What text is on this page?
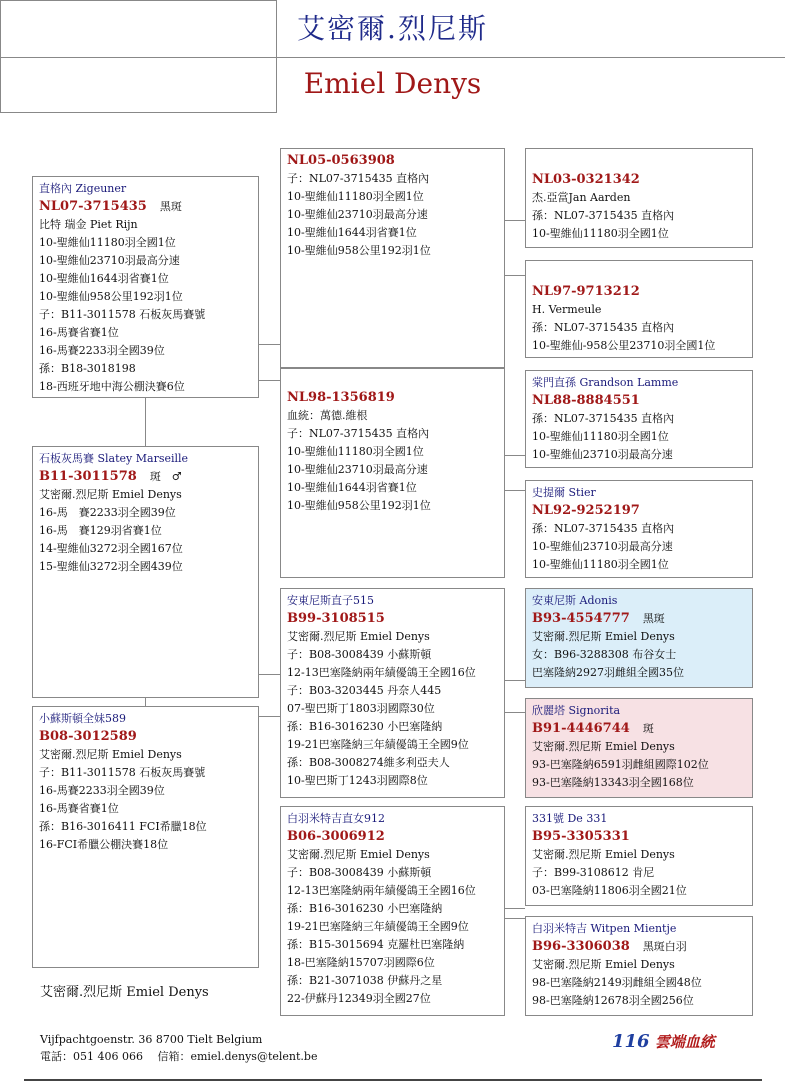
艾密爾.烈尼斯
Emiel Denys
直格內 Zigeuner
NL07-3715435　 黑斑
比特 瑞金 Piet Rijn
10-聖維仙11180羽全國1位
10-聖維仙23710羽最高分速
10-聖維仙1644羽省賽1位
10-聖維仙958公里192羽1位
子：B11-3011578 石板灰馬賽號
16-馬賽省賽1位
16-馬賽2233羽全國39位
孫：B18-3018198
18-西班牙地中海公棚決賽6位
石板灰馬賽 Slatey Marseille
B11-3011578　 斑　♂
艾密爾.烈尼斯 Emiel Denys
16-馬　賽2233羽全國39位
16-馬　賽129羽省賽1位
14-聖維仙3272羽全國167位
15-聖維仙3272羽全國439位
小蘇斯頓全妹589
B08-3012589
艾密爾.烈尼斯 Emiel Denys
子：B11-3011578 石板灰馬賽號
16-馬賽2233羽全國39位
16-馬賽省賽1位
孫：B16-3016411 FCI希臘18位
16-FCI希臘公棚決賽18位
NL05-0563908
子：NL07-3715435 直格內
10-聖維仙11180羽全國1位
10-聖維仙23710羽最高分速
10-聖維仙1644羽省賽1位
10-聖維仙958公里192羽1位
NL98-1356819
血統：萬德.維根
子：NL07-3715435 直格內
10-聖維仙11180羽全國1位
10-聖維仙23710羽最高分速
10-聖維仙1644羽省賽1位
10-聖維仙958公里192羽1位
安東尼斯直子515
B99-3108515
艾密爾.烈尼斯 Emiel Denys
子：B08-3008439 小蘇斯頓
12-13巴塞隆納兩年績優鴿王全國16位
子：B03-3203445 丹奈人445
07-聖巴斯丁1803羽國際30位
孫：B16-3016230 小巴塞隆納
19-21巴塞隆納三年績優鴿王全國9位
孫：B08-3008274維多利亞夫人
10-聖巴斯丁1243羽國際8位
白羽米特吉直女912
B06-3006912
艾密爾.烈尼斯 Emiel Denys
子：B08-3008439 小蘇斯頓
12-13巴塞隆納兩年績優鴿王全國16位
孫：B16-3016230 小巴塞隆納
19-21巴塞隆納三年績優鴿王全國9位
孫：B15-3015694 克羅杜巴塞隆納
18-巴塞隆納15707羽國際6位
孫：B21-3071038 伊蘇丹之星
22-伊蘇丹12349羽全國27位
NL03-0321342
杰.亞當Jan Aarden
孫：NL07-3715435 直格內
10-聖維仙11180羽全國1位
NL97-9713212
H. Vermeule
孫：NL07-3715435 直格內
10-聖維仙-958公里23710羽全國1位
棠門直孫 Grandson Lamme
NL88-8884551
孫：NL07-3715435 直格內
10-聖維仙11180羽全國1位
10-聖維仙23710羽最高分速
史提爾 Stier
NL92-9252197
孫：NL07-3715435 直格內
10-聖維仙23710羽最高分速
10-聖維仙11180羽全國1位
安東尼斯 Adonis
B93-4554777　 黑斑
艾密爾.烈尼斯 Emiel Denys
女：B96-3288308 布谷女士
巴塞隆納2927羽雌組全國35位
欣麗塔 Signorita
B91-4446744　 斑
艾密爾.烈尼斯 Emiel Denys
93-巴塞隆納6591羽雌組國際102位
93-巴塞隆納13343羽全國168位
331號 De 331
B95-3305331
艾密爾.烈尼斯 Emiel Denys
子：B99-3108612 肯尼
03-巴塞隆納11806羽全國21位
白羽米特吉 Witpen Mientje
B96-3306038　 黑斑白羽
艾密爾.烈尼斯 Emiel Denys
98-巴塞隆納2149羽雌組全國48位
98-巴塞隆納12678羽全國256位
艾密爾.烈尼斯 Emiel Denys
Vijfpachtgoenstr. 36 8700 Tielt Belgium
電話：051 406 066　 信箱：emiel.denys@telent.be
116 雲端血統
